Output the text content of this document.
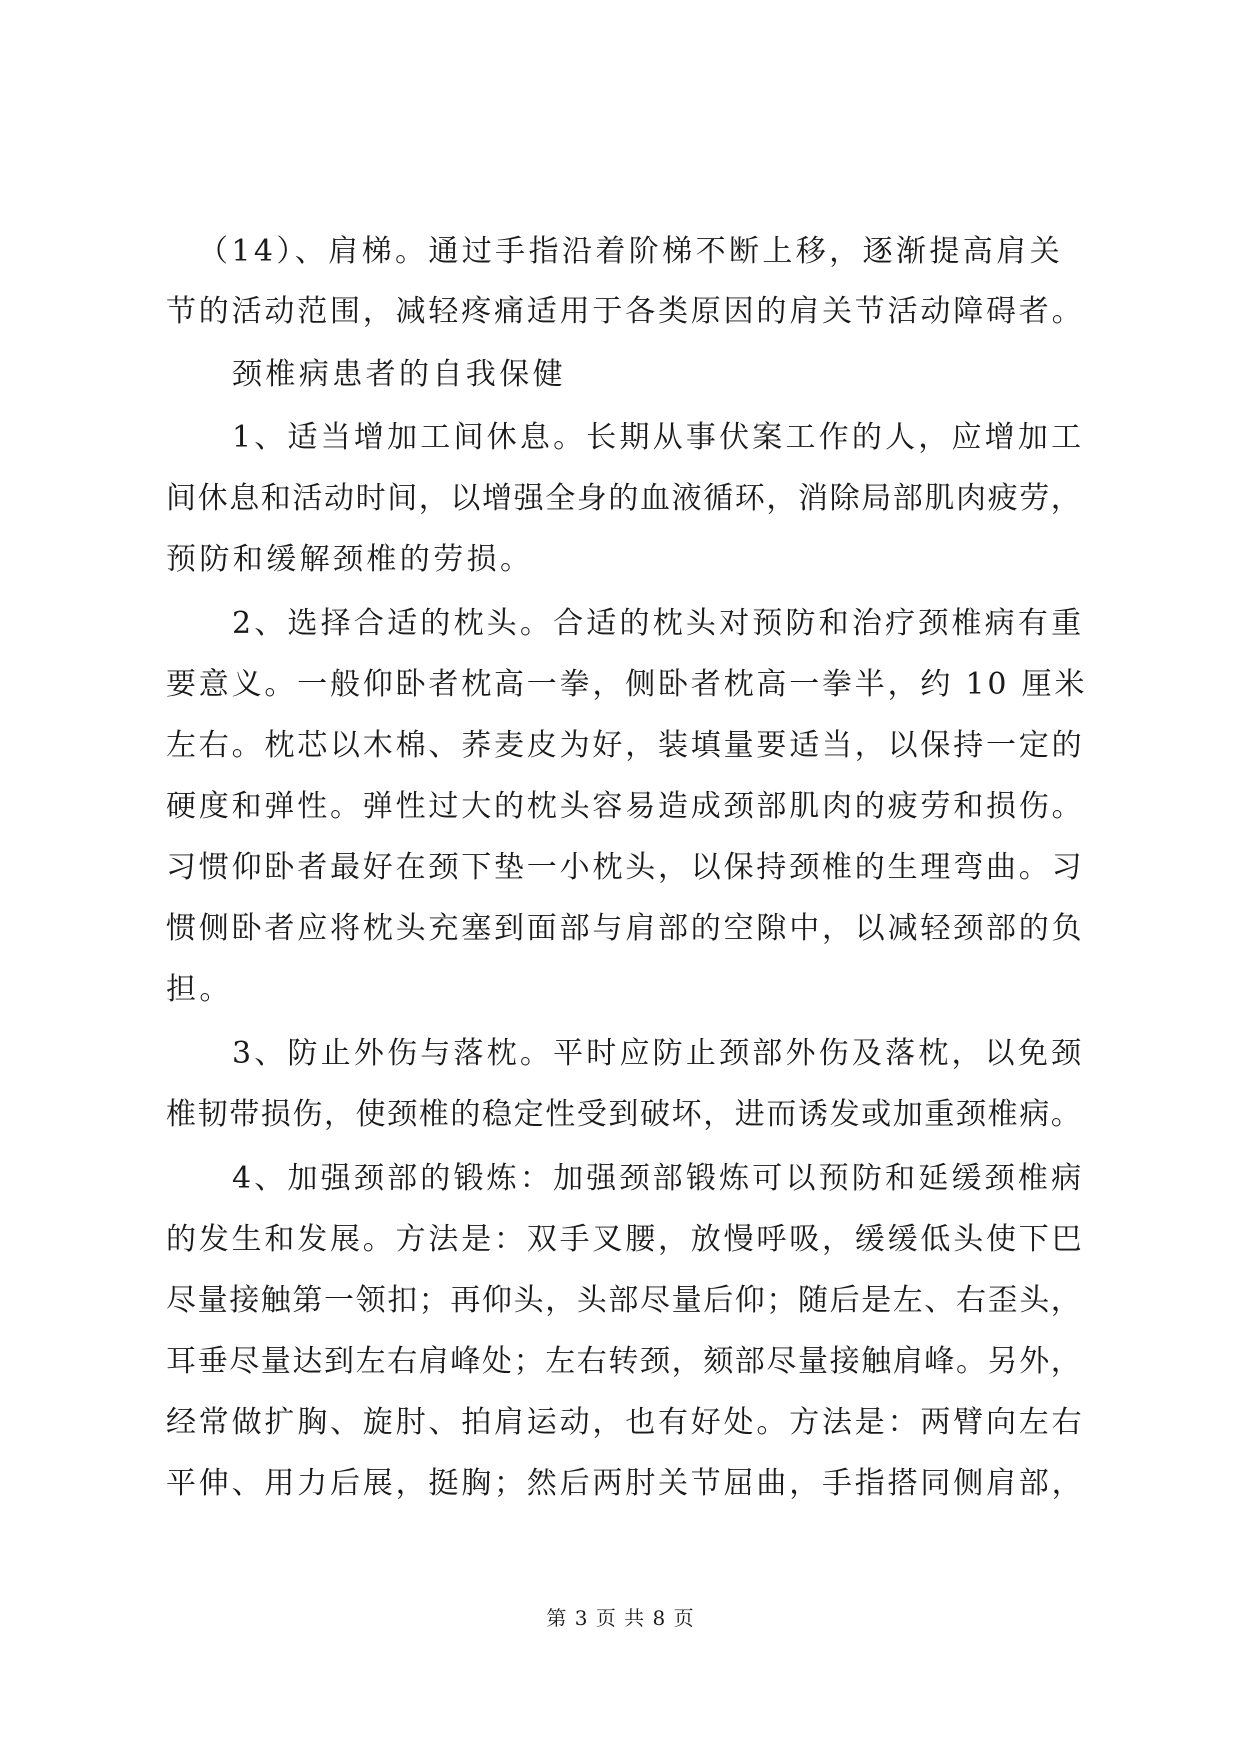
（14）、肩梯。通过手指沿着阶梯不断上移，逐渐提高肩关
节的活动范围，减轻疼痛适用于各类原因的肩关节活动障碍者。
颈椎病患者的自我保健
1、适当增加工间休息。长期从事伏案工作的人，应增加工
间休息和活动时间，以增强全身的血液循环，消除局部肌肉疲劳，
预防和缓解颈椎的劳损。
2、选择合适的枕头。合适的枕头对预防和治疗颈椎病有重
要意义。一般仰卧者枕高一拳，侧卧者枕高一拳半，约 10 厘米
左右。枕芯以木棉、荞麦皮为好，装填量要适当，以保持一定的
硬度和弹性。弹性过大的枕头容易造成颈部肌肉的疲劳和损伤。
习惯仰卧者最好在颈下垫一小枕头，以保持颈椎的生理弯曲。习
惯侧卧者应将枕头充塞到面部与肩部的空隙中，以减轻颈部的负
担。
3、防止外伤与落枕。平时应防止颈部外伤及落枕，以免颈
椎韧带损伤，使颈椎的稳定性受到破坏，进而诱发或加重颈椎病。
4、加强颈部的锻炼：加强颈部锻炼可以预防和延缓颈椎病
的发生和发展。方法是：双手叉腰，放慢呼吸，缓缓低头使下巴
尽量接触第一领扣；再仰头，头部尽量后仰；随后是左、右歪头，
耳垂尽量达到左右肩峰处；左右转颈，颏部尽量接触肩峰。另外，
经常做扩胸、旋肘、拍肩运动，也有好处。方法是：两臂向左右
平伸、用力后展，挺胸；然后两肘关节屈曲，手指搭同侧肩部，
第 3 页 共 8 页
